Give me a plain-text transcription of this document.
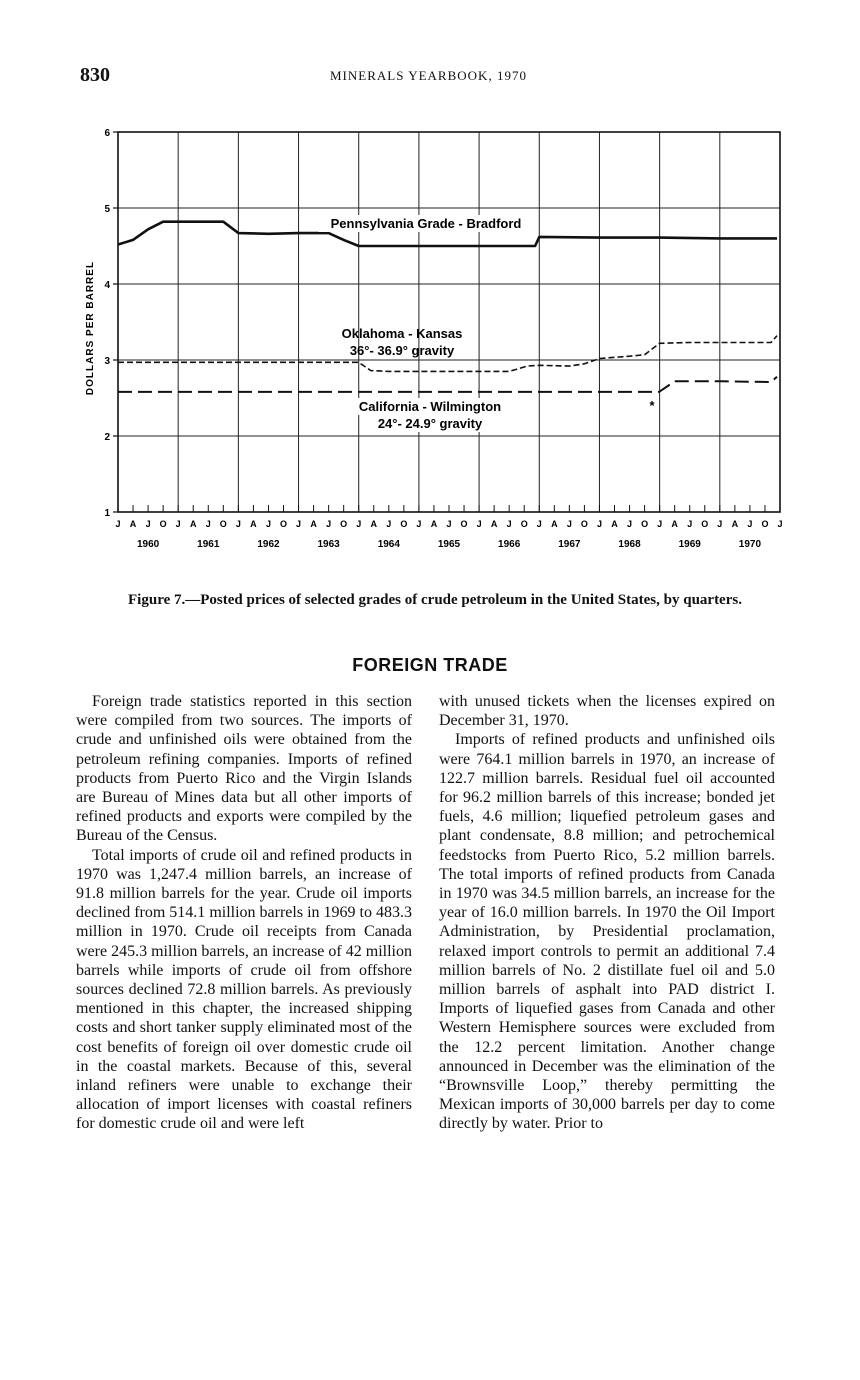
830	MINERALS YEARBOOK, 1970
1
2
3
4
5
6
DOLLARS PER BARREL
J A J O J A J O J A J O J A J O J A J O J A J O J A J O J A J O J A J O J A J O J A J O J
1960	1961	1962	1963	1964	1965	1966	1967	1968	1969	1970
Pennsylvania Grade - Bradford
Oklahoma - Kansas
36°- 36.9° gravity
California - Wilmington
24°- 24.9° gravity
*
Figure 7.—Posted prices of selected grades of crude petroleum in the United States, by quarters.
FOREIGN TRADE

Foreign trade statistics reported in this section were compiled from two sources. The imports of crude and unfinished oils were obtained from the petroleum refining companies. Imports of refined products from Puerto Rico and the Virgin Islands are Bureau of Mines data but all other imports of refined products and exports were compiled by the Bureau of the Census.

Total imports of crude oil and refined products in 1970 was 1,247.4 million barrels, an increase of 91.8 million barrels for the year. Crude oil imports declined from 514.1 million barrels in 1969 to 483.3 million in 1970. Crude oil receipts from Canada were 245.3 million barrels, an increase of 42 million barrels while imports of crude oil from offshore sources declined 72.8 million barrels. As previously mentioned in this chapter, the increased shipping costs and short tanker supply eliminated most of the cost benefits of foreign oil over domestic crude oil in the coastal markets. Because of this, several inland refiners were unable to exchange their allocation of import licenses with coastal refiners for domestic crude oil and were left

with unused tickets when the licenses expired on December 31, 1970.

Imports of refined products and unfinished oils were 764.1 million barrels in 1970, an increase of 122.7 million barrels. Residual fuel oil accounted for 96.2 million barrels of this increase; bonded jet fuels, 4.6 million; liquefied petroleum gases and plant condensate, 8.8 million; and petrochemical feedstocks from Puerto Rico, 5.2 million barrels. The total imports of refined products from Canada in 1970 was 34.5 million barrels, an increase for the year of 16.0 million barrels. In 1970 the Oil Import Administration, by Presidential proclamation, relaxed import controls to permit an additional 7.4 million barrels of No. 2 distillate fuel oil and 5.0 million barrels of asphalt into PAD district I. Imports of liquefied gases from Canada and other Western Hemisphere sources were excluded from the 12.2 percent limitation. Another change announced in December was the elimination of the “Brownsville Loop,” thereby permitting the Mexican imports of 30,000 barrels per day to come directly by water. Prior to
